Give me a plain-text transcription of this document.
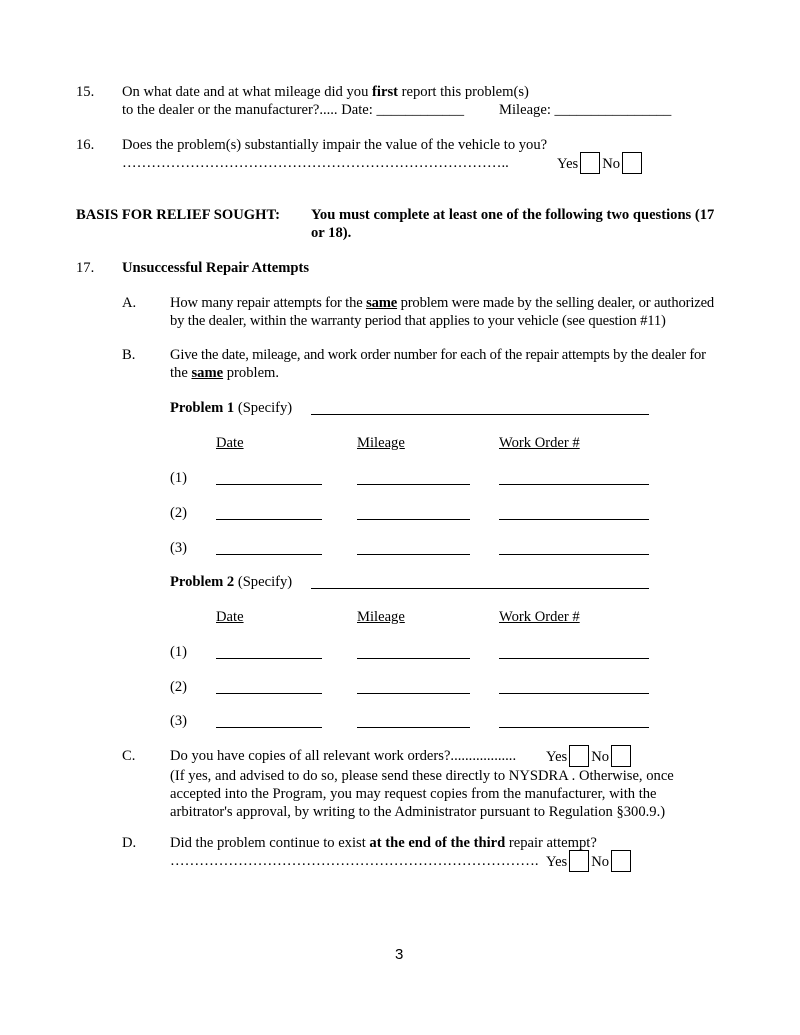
15. On what date and at what mileage did you first report this problem(s)
to the dealer or the manufacturer?..... Date: ____________ Mileage: ________________
16. Does the problem(s) substantially impair the value of the vehicle to you?
……………………………………………………………………..	Yes No
BASIS FOR RELIEF SOUGHT: You must complete at least one of the following two questions (17
or 18).
17. Unsuccessful Repair Attempts
A. How many repair attempts for the same problem were made by the selling dealer, or authorized
by the dealer, within the warranty period that applies to your vehicle (see question #11)
B. Give the date, mileage, and work order number for each of the repair attempts by the dealer for
the same problem.
Problem 1 (Specify)
Date	Mileage	Work Order #
(1)
(2)
(3)
Problem 2 (Specify)
Date	Mileage	Work Order #
(1)
(2)
(3)
C. Do you have copies of all relevant work orders?.................. Yes No
(If yes, and advised to do so, please send these directly to NYSDRA . Otherwise, once
accepted into the Program, you may request copies from the manufacturer, with the
arbitrator's approval, by writing to the Administrator pursuant to Regulation §300.9.)
D. Did the problem continue to exist at the end of the third repair attempt?
…………………………………………………………………. Yes No
3
